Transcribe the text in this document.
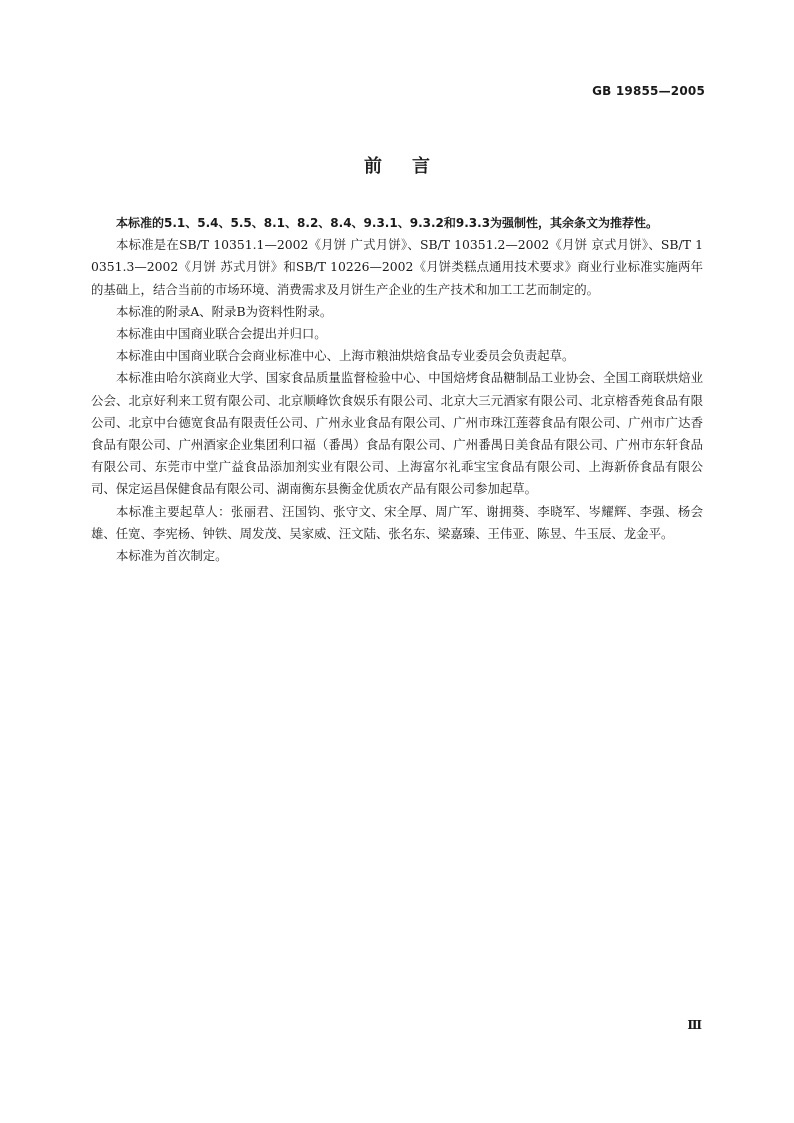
GB 19855—2005
前言

本标准的5.1、5.4、5.5、8.1、8.2、8.4、9.3.1、9.3.2和9.3.3为强制性，其余条文为推荐性。

本标准是在SB/T 10351.1—2002《月饼 广式月饼》、SB/T 10351.2—2002《月饼 京式月饼》、SB/T 10351.3—2002《月饼 苏式月饼》和SB/T 10226—2002《月饼类糕点通用技术要求》商业行业标准实施两年的基础上，结合当前的市场环境、消费需求及月饼生产企业的生产技术和加工工艺而制定的。

本标准的附录A、附录B为资料性附录。

本标准由中国商业联合会提出并归口。

本标准由中国商业联合会商业标准中心、上海市粮油烘焙食品专业委员会负责起草。

本标准由哈尔滨商业大学、国家食品质量监督检验中心、中国焙烤食品糖制品工业协会、全国工商联烘焙业公会、北京好利来工贸有限公司、北京顺峰饮食娱乐有限公司、北京大三元酒家有限公司、北京榕香苑食品有限公司、北京中台德宽食品有限责任公司、广州永业食品有限公司、广州市珠江莲蓉食品有限公司、广州市广达香食品有限公司、广州酒家企业集团利口福（番禺）食品有限公司、广州番禺日美食品有限公司、广州市东轩食品有限公司、东莞市中堂广益食品添加剂实业有限公司、上海富尔礼乖宝宝食品有限公司、上海新侨食品有限公司、保定运昌保健食品有限公司、湖南衡东县衡金优质农产品有限公司参加起草。

本标准主要起草人：张丽君、汪国钧、张守文、宋全厚、周广军、谢拥葵、李晓军、岑耀辉、李强、杨会雄、任宽、李宪杨、钟铁、周发茂、吴家威、汪文陆、张名东、梁嘉臻、王伟亚、陈昱、牛玉辰、龙金平。

本标准为首次制定。

Ⅲ
